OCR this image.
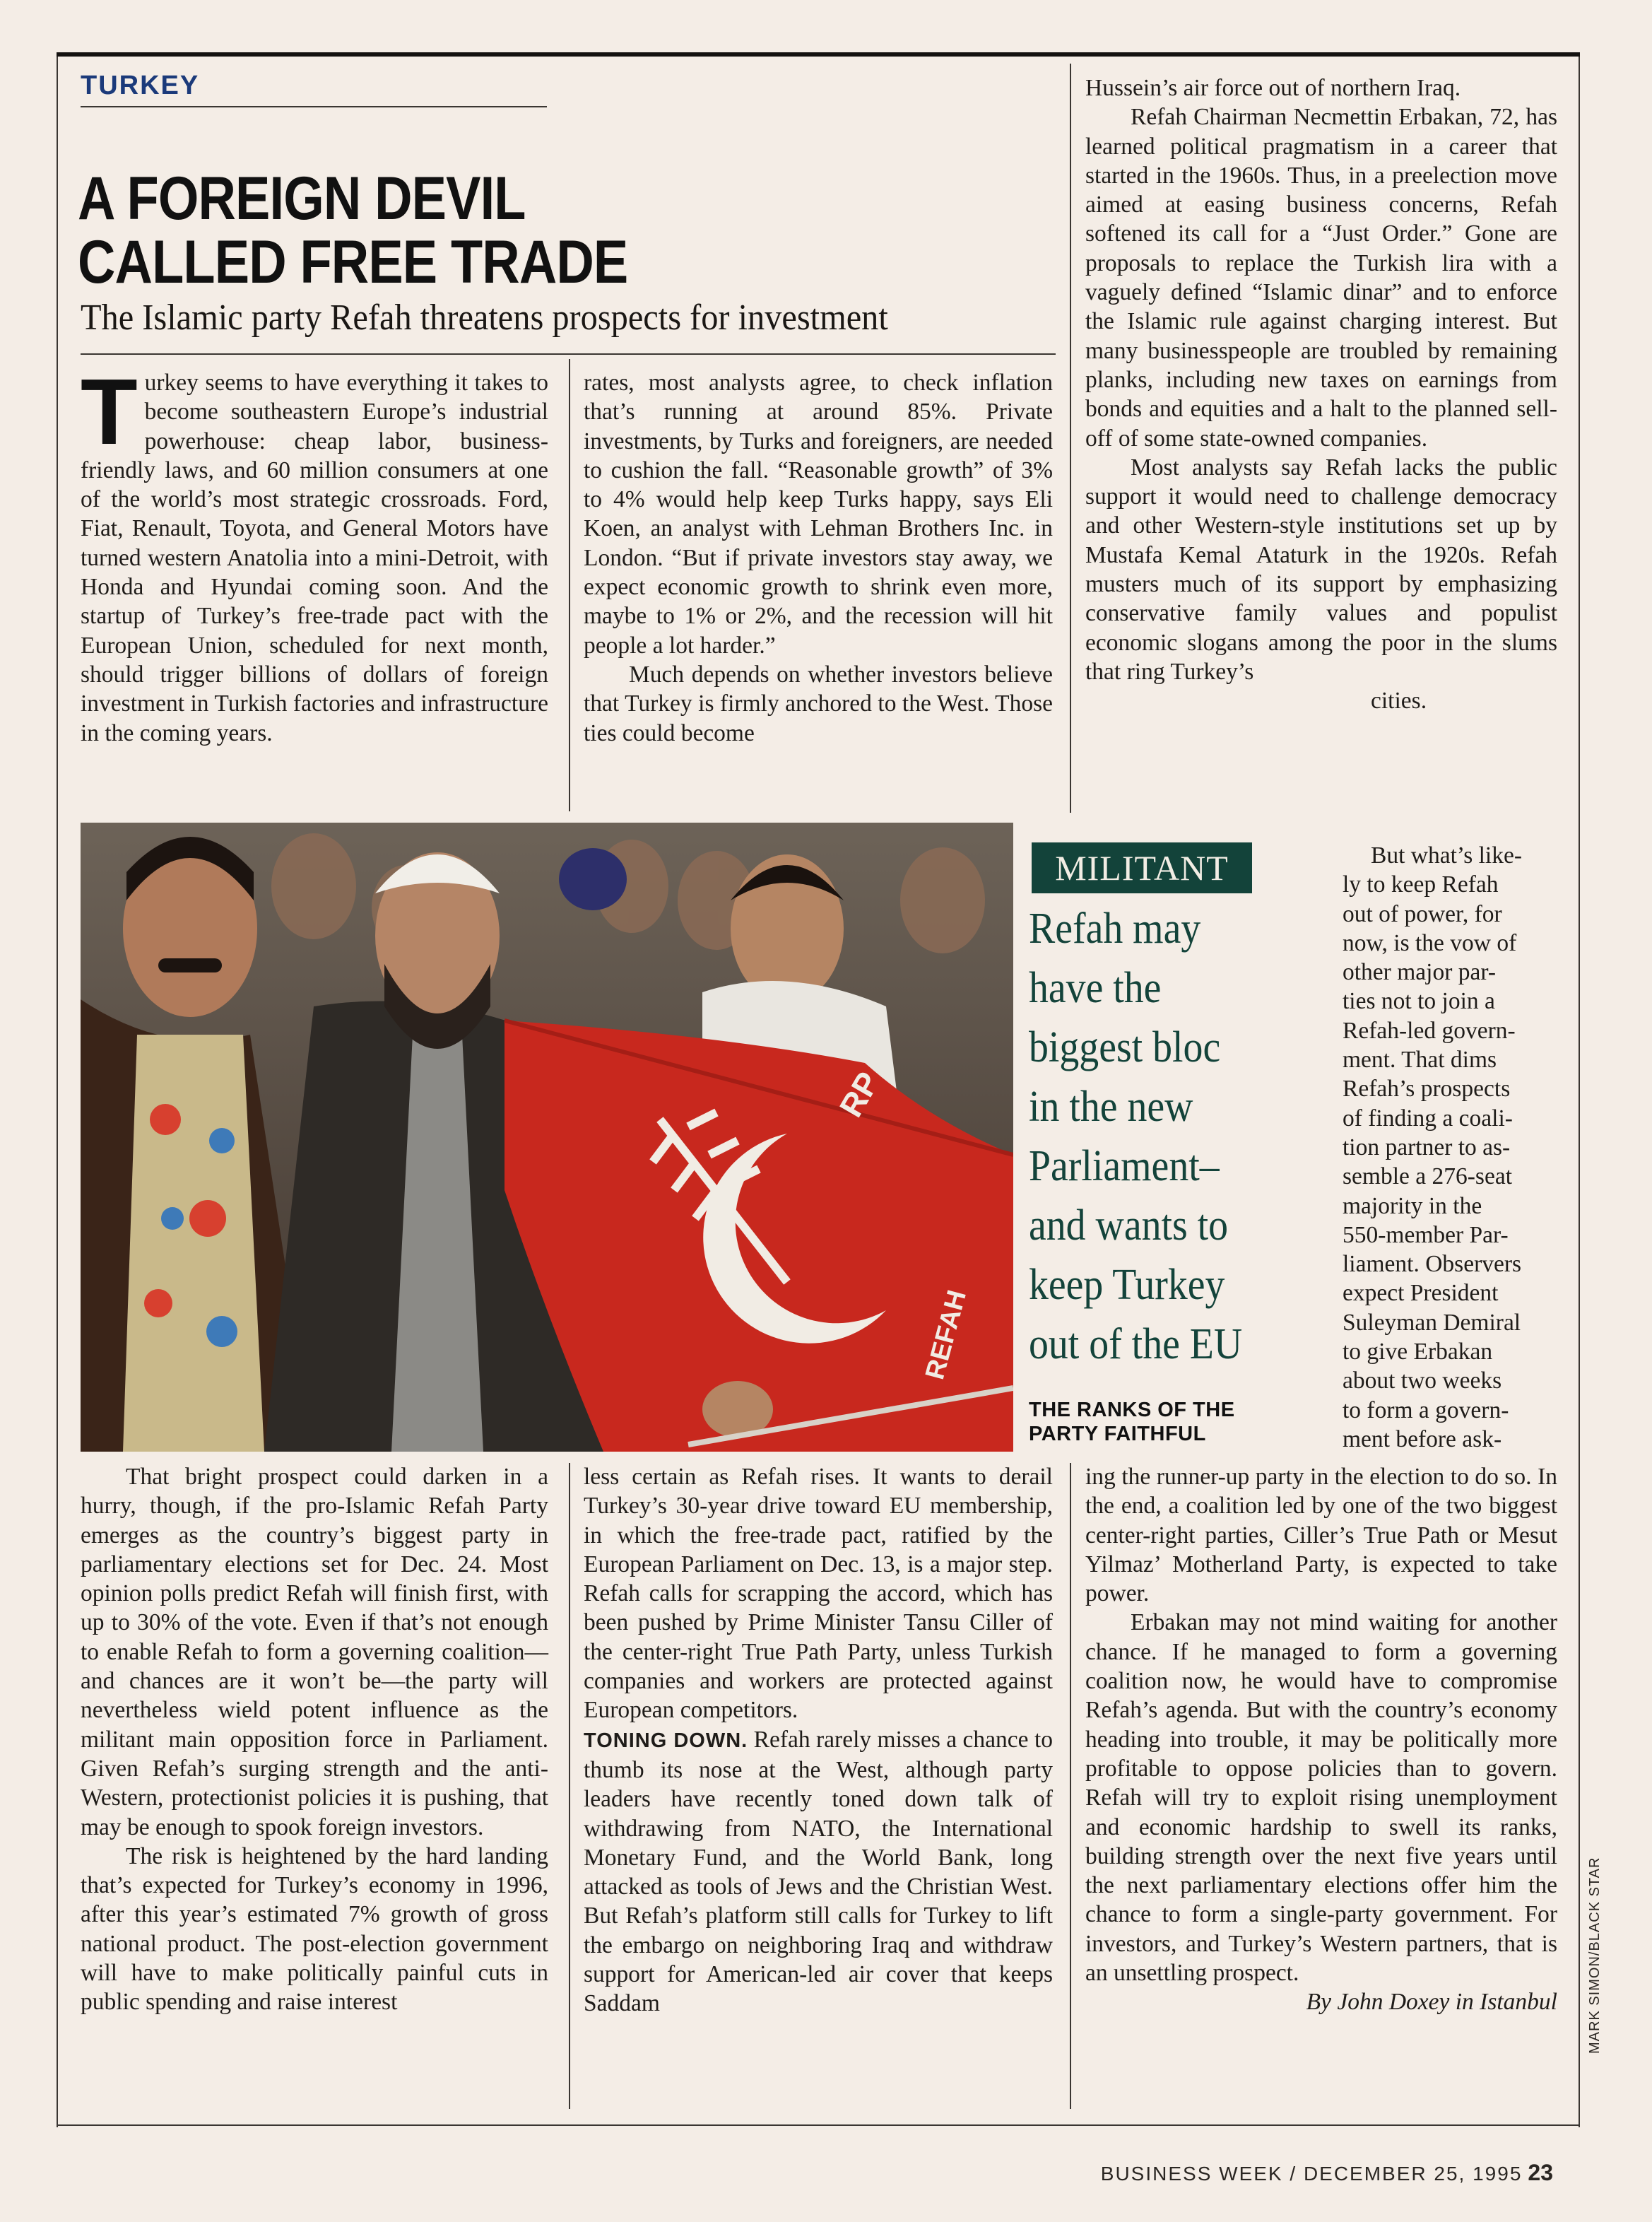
TURKEY
A FOREIGN DEVIL
CALLED FREE TRADE
The Islamic party Refah threatens prospects for investment
T urkey seems to have everything it takes to become southeastern Europe’s industrial powerhouse: cheap labor, business-friendly laws, and 60 million consumers at one of the world’s most strategic crossroads. Ford, Fiat, Renault, Toyota, and General Motors have turned western Anatolia into a mini-Detroit, with Honda and Hyundai coming soon. And the startup of Turkey’s free-trade pact with the European Union, scheduled for next month, should trigger billions of dollars of foreign investment in Turkish factories and infrastructure in the coming years.

rates, most analysts agree, to check inflation that’s running at around 85%. Private investments, by Turks and foreigners, are needed to cushion the fall. “Reasonable growth” of 3% to 4% would help keep Turks happy, says Eli Koen, an analyst with Lehman Brothers Inc. in London. “But if private investors stay away, we expect economic growth to shrink even more, maybe to 1% or 2%, and the recession will hit people a lot harder.”

Much depends on whether investors believe that Turkey is firmly anchored to the West. Those ties could become

Hussein’s air force out of northern Iraq.

Refah Chairman Necmettin Erbakan, 72, has learned political pragmatism in a career that started in the 1960s. Thus, in a preelection move aimed at easing business concerns, Refah softened its call for a “Just Order.” Gone are proposals to replace the Turkish lira with a vaguely defined “Islamic dinar” and to enforce the Islamic rule against charging interest. But many businesspeople are troubled by remaining planks, including new taxes on earnings from bonds and equities and a halt to the planned sell-off of some state-owned companies.

Most analysts say Refah lacks the public support it would need to challenge democracy and other Western-style institutions set up by Mustafa Kemal Ataturk in the 1920s. Refah musters much of its support by emphasizing conservative family values and populist economic slogans among the poor in the slums that ring Turkey’s

cities.

RP
REFAH
MILITANT
Refah may
have the
biggest bloc
in the new
Parliament–
and wants to
keep Turkey
out of the EU
THE RANKS OF THE
PARTY FAITHFUL
But what’s like-
ly to keep Refah
out of power, for
now, is the vow of
other major par-
ties not to join a
Refah-led govern-
ment. That dims
Refah’s prospects
of finding a coali-
tion partner to as-
semble a 276-seat
majority in the
550-member Par-
liament. Observers
expect President
Suleyman Demiral
to give Erbakan
about two weeks
to form a govern-
ment before ask-

That bright prospect could darken in a hurry, though, if the pro-Islamic Refah Party emerges as the country’s biggest party in parliamentary elections set for Dec. 24. Most opinion polls predict Refah will finish first, with up to 30% of the vote. Even if that’s not enough to enable Refah to form a governing coalition—and chances are it won’t be—the party will nevertheless wield potent influence as the militant main opposition force in Parliament. Given Refah’s surging strength and the anti-Western, protectionist policies it is pushing, that may be enough to spook foreign investors.

The risk is heightened by the hard landing that’s expected for Turkey’s economy in 1996, after this year’s estimated 7% growth of gross national product. The post-election government will have to make politically painful cuts in public spending and raise interest

less certain as Refah rises. It wants to derail Turkey’s 30-year drive toward EU membership, in which the free-trade pact, ratified by the European Parliament on Dec. 13, is a major step. Refah calls for scrapping the accord, which has been pushed by Prime Minister Tansu Ciller of the center-right True Path Party, unless Turkish companies and workers are protected against European competitors.

TONING DOWN. Refah rarely misses a chance to thumb its nose at the West, although party leaders have recently toned down talk of withdrawing from NATO, the International Monetary Fund, and the World Bank, long attacked as tools of Jews and the Christian West. But Refah’s platform still calls for Turkey to lift the embargo on neighboring Iraq and withdraw support for American-led air cover that keeps Saddam

ing the runner-up party in the election to do so. In the end, a coalition led by one of the two biggest center-right parties, Ciller’s True Path or Mesut Yilmaz’ Motherland Party, is expected to take power.

Erbakan may not mind waiting for another chance. If he managed to form a governing coalition now, he would have to compromise Refah’s agenda. But with the country’s economy heading into trouble, it may be politically more profitable to oppose policies than to govern. Refah will try to exploit rising unemployment and economic hardship to swell its ranks, building strength over the next five years until the next parliamentary elections offer him the chance to form a single-party government. For investors, and Turkey’s Western partners, that is an unsettling prospect.

By John Doxey in Istanbul

BUSINESS WEEK / DECEMBER 25, 1995 23
MARK SIMON/BLACK STAR
